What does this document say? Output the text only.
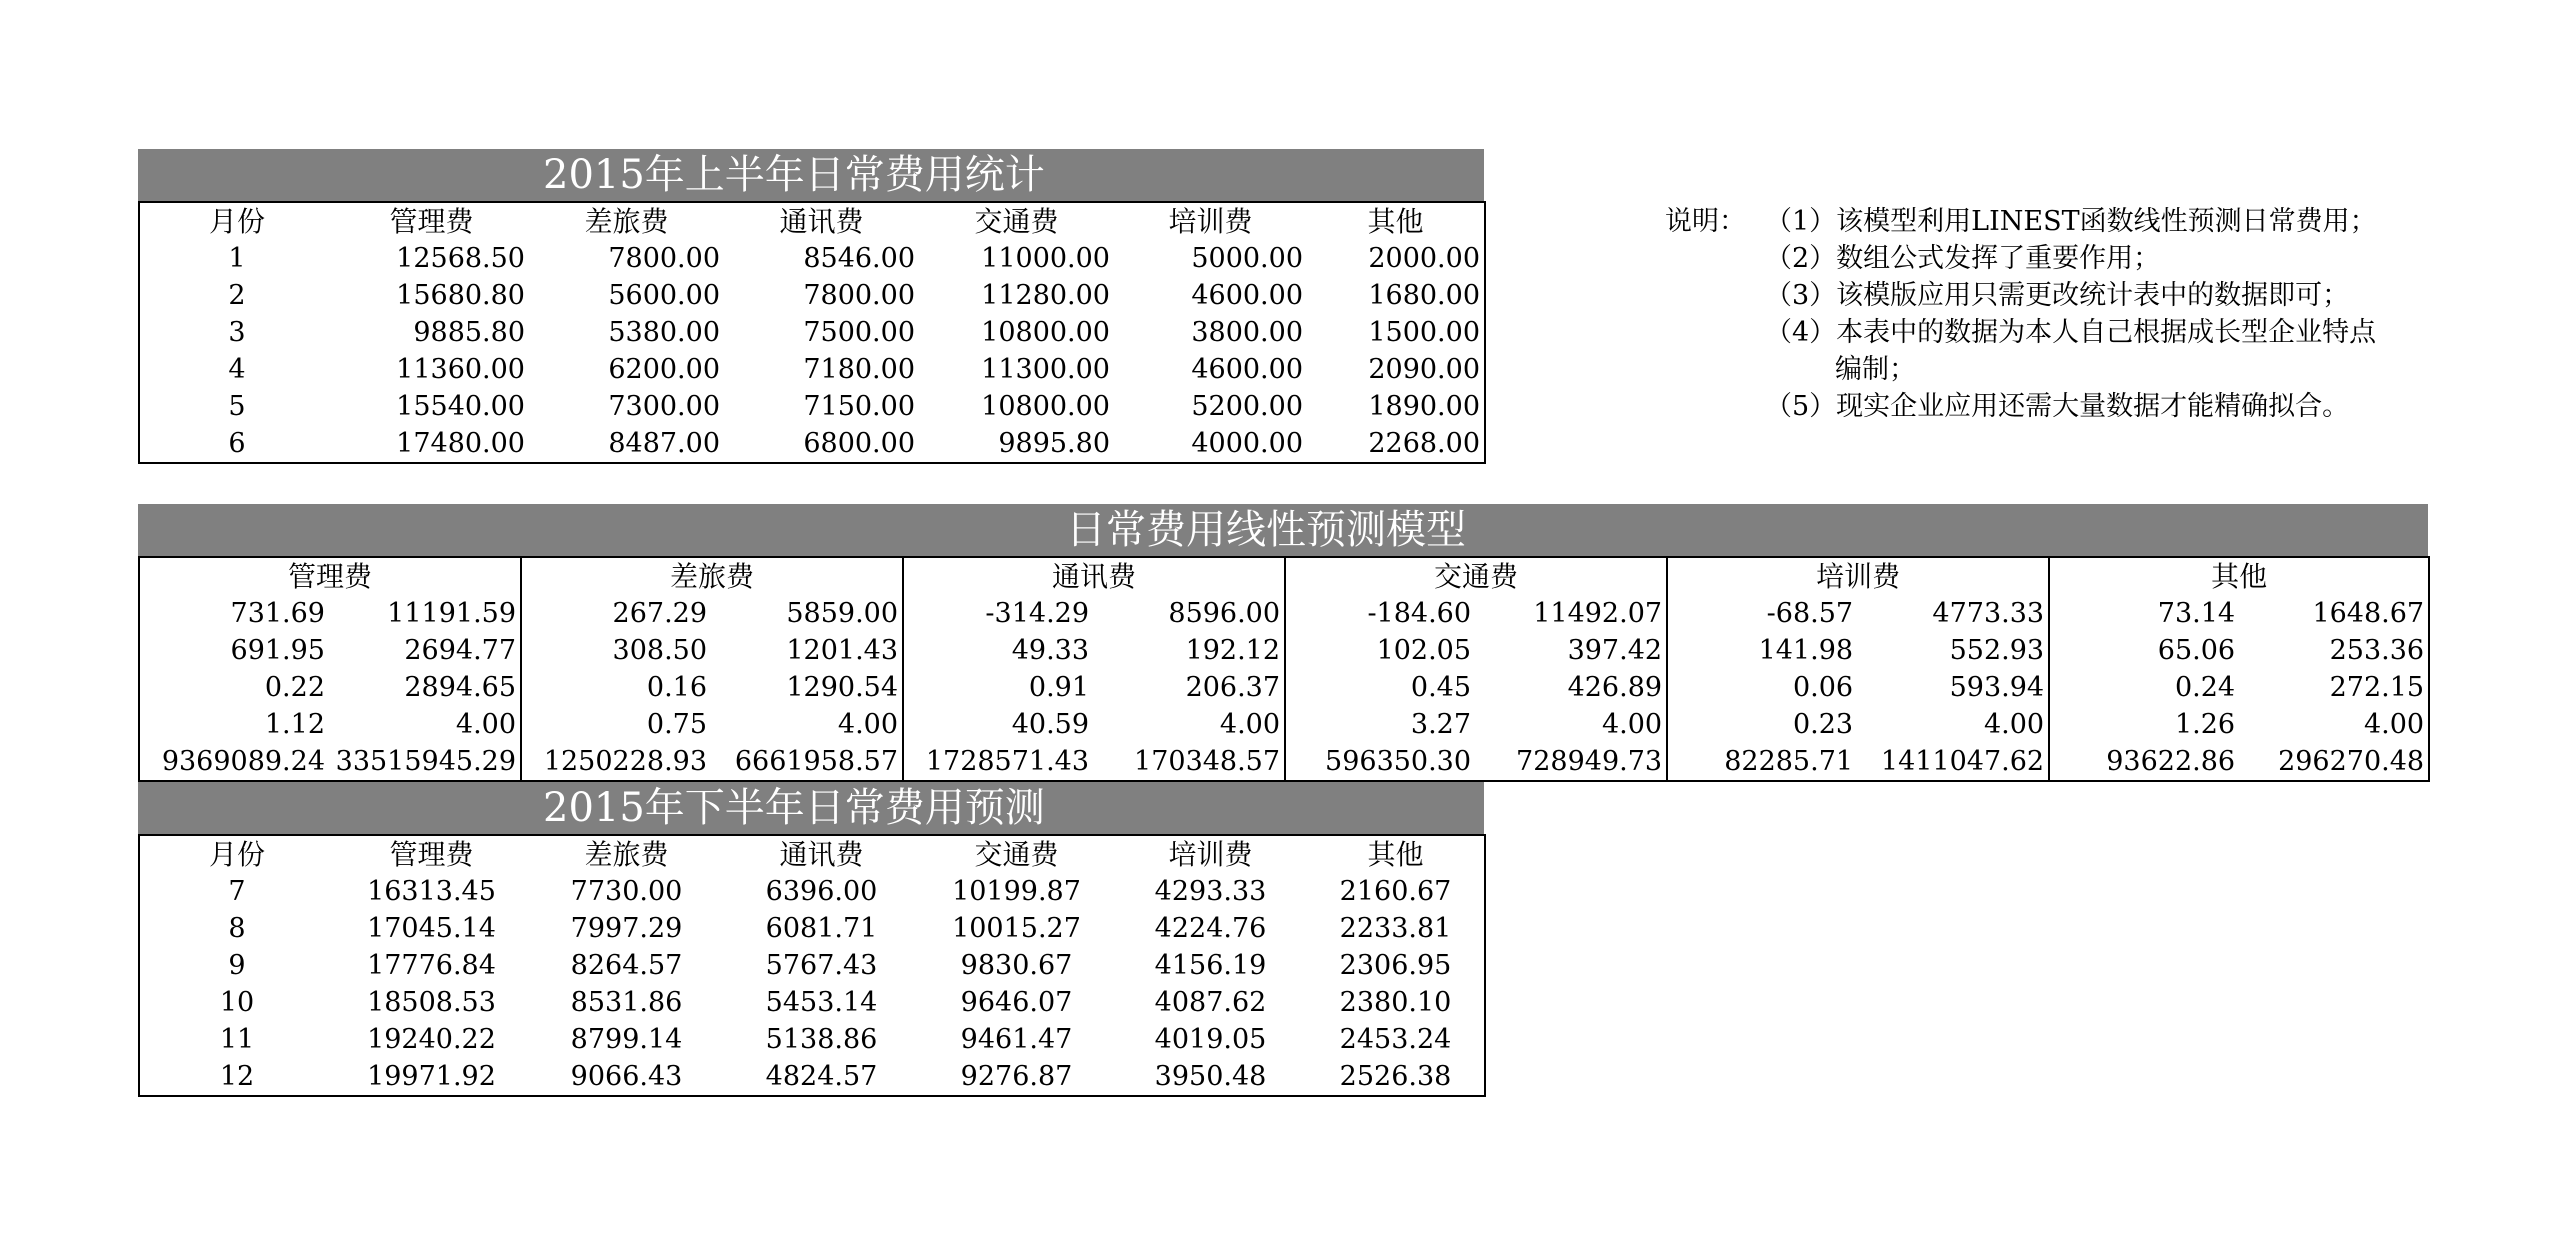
2015年上半年日常费用统计
月份	管理费	差旅费	通讯费	交通费	培训费	其他
1	12568.50	7800.00	8546.00	11000.00	5000.00	2000.00
2	15680.80	5600.00	7800.00	11280.00	4600.00	1680.00
3	9885.80	5380.00	7500.00	10800.00	3800.00	1500.00
4	11360.00	6200.00	7180.00	11300.00	4600.00	2090.00
5	15540.00	7300.00	7150.00	10800.00	5200.00	1890.00
6	17480.00	8487.00	6800.00	9895.80	4000.00	2268.00
说明： （1）该模型利用LINEST函数线性预测日常费用；
（2）数组公式发挥了重要作用；
（3）该模版应用只需更改统计表中的数据即可；
（4）本表中的数据为本人自己根据成长型企业特点
编制；
（5）现实企业应用还需大量数据才能精确拟合。
日常费用线性预测模型
管理费		差旅费		通讯费		交通费		培训费		其他	
731.69	11191.59	267.29	5859.00	-314.29	8596.00	-184.60	11492.07	-68.57	4773.33	73.14	1648.67
691.95	2694.77	308.50	1201.43	49.33	192.12	102.05	397.42	141.98	552.93	65.06	253.36
0.22	2894.65	0.16	1290.54	0.91	206.37	0.45	426.89	0.06	593.94	0.24	272.15
1.12	4.00	0.75	4.00	40.59	4.00	3.27	4.00	0.23	4.00	1.26	4.00
9369089.24	33515945.29	1250228.93	6661958.57	1728571.43	170348.57	596350.30	728949.73	82285.71	1411047.62	93622.86	296270.48
2015年下半年日常费用预测
月份	管理费	差旅费	通讯费	交通费	培训费	其他
7	16313.45	7730.00	6396.00	10199.87	4293.33	2160.67
8	17045.14	7997.29	6081.71	10015.27	4224.76	2233.81
9	17776.84	8264.57	5767.43	9830.67	4156.19	2306.95
10	18508.53	8531.86	5453.14	9646.07	4087.62	2380.10
11	19240.22	8799.14	5138.86	9461.47	4019.05	2453.24
12	19971.92	9066.43	4824.57	9276.87	3950.48	2526.38
